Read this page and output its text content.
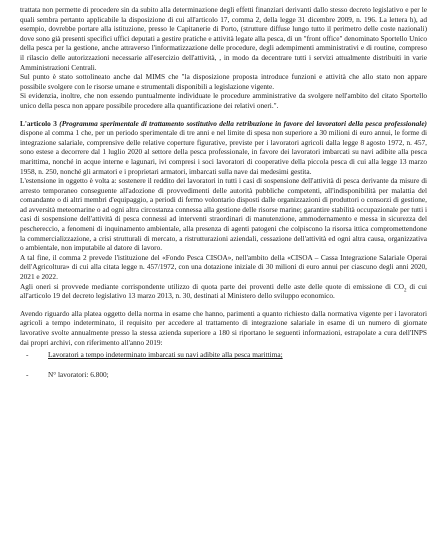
trattata non permette di procedere sin da subito alla determinazione degli effetti finanziari derivanti dallo stesso decreto legislativo e per le quali sembra pertanto applicabile la disposizione di cui all'articolo 17, comma 2, della legge 31 dicembre 2009, n. 196. La lettera h), ad esempio, dovrebbe portare alla istituzione, presso le Capitanerie di Porto, (strutture diffuse lungo tutto il perimetro delle coste nazionali) dove sono già presenti specifici uffici deputati a gestire pratiche e attività legate alla pesca, di un "front office" denominato Sportello Unico della pesca per la gestione, anche attraverso l'informatizzazione delle procedure, degli adempimenti amministrativi e di routine, compreso il rilascio delle autorizzazioni necessarie all'esercizio dell'attività, , in modo da decentrare tutti i servizi attualmente distribuiti in varie Amministrazioni Centrali.

Sul punto è stato sottolineato anche dal MIMS che "la disposizione proposta introduce funzioni e attività che allo stato non appare possibile svolgere con le risorse umane e strumentali disponibili a legislazione vigente.

Si evidenzia, inoltre, che non essendo puntualmente individuate le procedure amministrative da svolgere nell'ambito del citato Sportello unico della pesca non appare possibile procedere alla quantificazione dei relativi oneri.".

L'articolo 3 (Programma sperimentale di trattamento sostitutivo della retribuzione in favore dei lavoratori della pesca professionale) dispone al comma 1 che, per un periodo sperimentale di tre anni e nel limite di spesa non superiore a 30 milioni di euro annui, le forme di integrazione salariale, comprensive delle relative coperture figurative, previste per i lavoratori agricoli dalla legge 8 agosto 1972, n. 457, sono estese a decorrere dal 1 luglio 2020 al settore della pesca professionale, in favore dei lavoratori imbarcati su navi adibite alla pesca marittima, nonché in acque interne e lagunari, ivi compresi i soci lavoratori di cooperative della piccola pesca di cui alla legge 13 marzo 1958, n. 250, nonché gli armatori e i proprietari armatori, imbarcati sulla nave dai medesimi gestita.

L'estensione in oggetto è volta a: sostenere il reddito dei lavoratori in tutti i casi di sospensione dell'attività di pesca derivante da misure di arresto temporaneo conseguente all'adozione di provvedimenti delle autorità pubbliche competenti, all'indisponibilità per malattia del comandante o di altri membri d'equipaggio, a periodi di fermo volontario disposti dalle organizzazioni di produttori o consorzi di gestione, ad avversità meteomarine o ad ogni altra circostanza connessa alla gestione delle risorse marine; garantire stabilità occupazionale per tutti i casi di sospensione dell'attività di pesca connessi ad interventi straordinari di manutenzione, ammodernamento e messa in sicurezza del peschereccio, a fenomeni di inquinamento ambientale, alla presenza di agenti patogeni che colpiscono la risorsa ittica compromettendone la commercializzazione, a crisi strutturali di mercato, a ristrutturazioni aziendali, cessazione dell'attività ed ogni altra causa, organizzativa o ambientale, non imputabile al datore di lavoro.

A tal fine, il comma 2 prevede l'istituzione del «Fondo Pesca CISOA», nell'ambito della «CISOA – Cassa Integrazione Salariale Operai dell'Agricoltura» di cui alla citata legge n. 457/1972, con una dotazione iniziale di 30 milioni di euro annui per ciascuno degli anni 2020, 2021 e 2022.

Agli oneri si provvede mediante corrispondente utilizzo di quota parte dei proventi delle aste delle quote di emissione di $CO_2$ di cui all'articolo 19 del decreto legislativo 13 marzo 2013, n. 30, destinati al Ministero dello sviluppo economico.

Avendo riguardo alla platea oggetto della norma in esame che hanno, parimenti a quanto richiesto dalla normativa vigente per i lavoratori agricoli a tempo indeterminato, il requisito per accedere al trattamento di integrazione salariale in esame di un numero di giornate lavorative svolte annualmente presso la stessa azienda superiore a 180 si riportano le seguenti informazioni, estrapolate a cura dell'INPS dai propri archivi, con riferimento all'anno 2019:

-	Lavoratori a tempo indeterminato imbarcati su navi adibite alla pesca marittima;
-	N° lavoratori: 6.800;
